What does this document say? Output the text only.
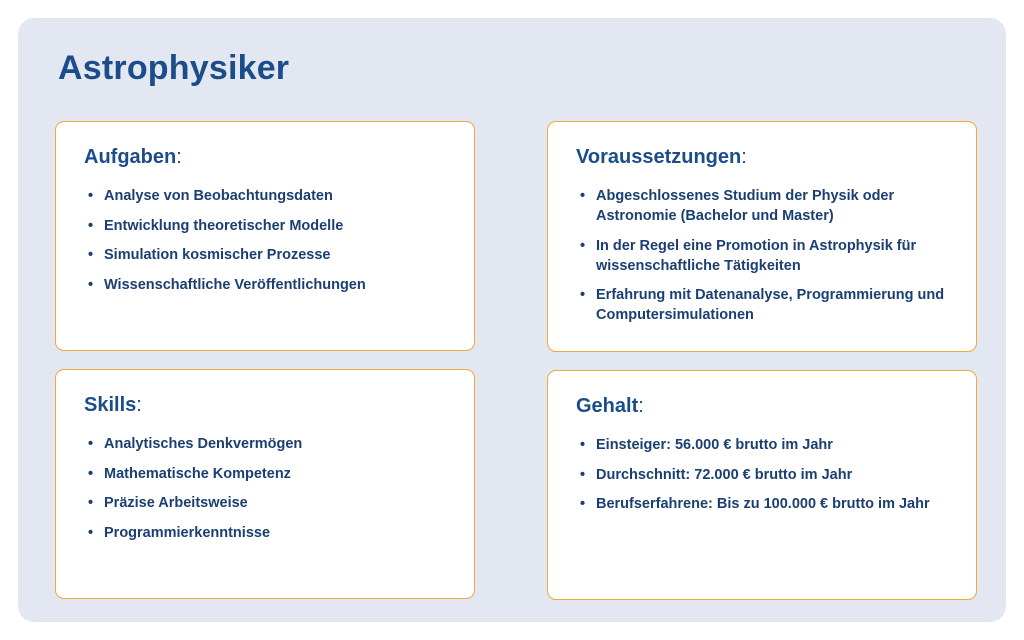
Astrophysiker
Aufgaben:
• Analyse von Beobachtungsdaten
• Entwicklung theoretischer Modelle
• Simulation kosmischer Prozesse
• Wissenschaftliche Veröffentlichungen
Voraussetzungen:
• Abgeschlossenes Studium der Physik oder Astronomie (Bachelor und Master)
• In der Regel eine Promotion in Astrophysik für wissenschaftliche Tätigkeiten
• Erfahrung mit Datenanalyse, Programmierung und Computersimulationen
Skills:
• Analytisches Denkvermögen
• Mathematische Kompetenz
• Präzise Arbeitsweise
• Programmierkenntnisse
Gehalt:
• Einsteiger: 56.000 € brutto im Jahr
• Durchschnitt: 72.000 € brutto im Jahr
• Berufserfahrene: Bis zu 100.000 € brutto im Jahr
